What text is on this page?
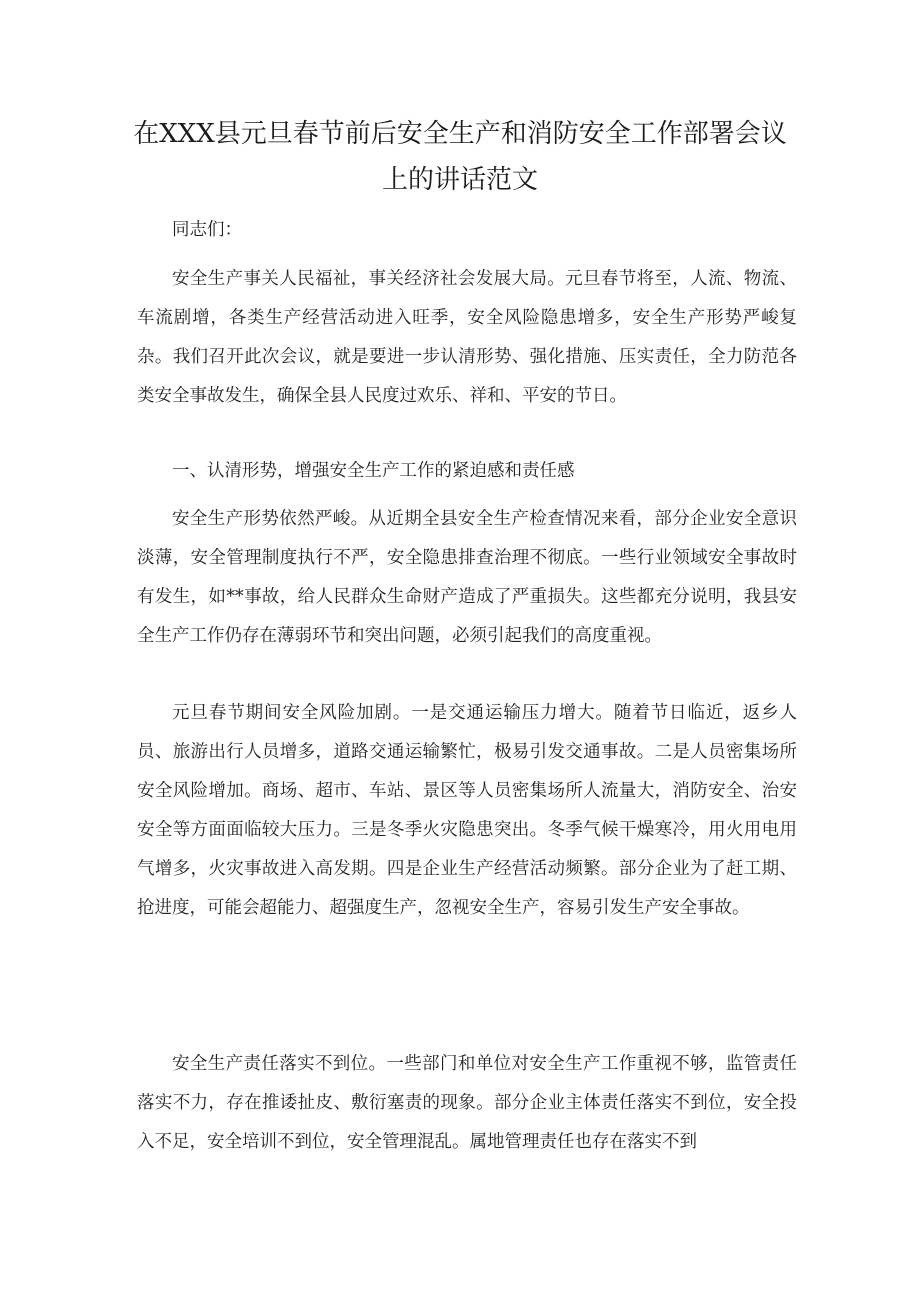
在XXX县元旦春节前后安全生产和消防安全工作部署会议
上的讲话范文

同志们：

安全生产事关人民福祉，事关经济社会发展大局。元旦春节将至，人流、物流、车流剧增，各类生产经营活动进入旺季，安全风险隐患增多，安全生产形势严峻复杂。我们召开此次会议，就是要进一步认清形势、强化措施、压实责任，全力防范各类安全事故发生，确保全县人民度过欢乐、祥和、平安的节日。

一、认清形势，增强安全生产工作的紧迫感和责任感

安全生产形势依然严峻。从近期全县安全生产检查情况来看，部分企业安全意识淡薄，安全管理制度执行不严，安全隐患排查治理不彻底。一些行业领域安全事故时有发生，如**事故，给人民群众生命财产造成了严重损失。这些都充分说明，我县安全生产工作仍存在薄弱环节和突出问题，必须引起我们的高度重视。

元旦春节期间安全风险加剧。一是交通运输压力增大。随着节日临近，返乡人员、旅游出行人员增多，道路交通运输繁忙，极易引发交通事故。二是人员密集场所安全风险增加。商场、超市、车站、景区等人员密集场所人流量大，消防安全、治安安全等方面面临较大压力。三是冬季火灾隐患突出。冬季气候干燥寒冷，用火用电用气增多，火灾事故进入高发期。四是企业生产经营活动频繁。部分企业为了赶工期、抢进度，可能会超能力、超强度生产，忽视安全生产，容易引发生产安全事故。

安全生产责任落实不到位。一些部门和单位对安全生产工作重视不够，监管责任落实不力，存在推诿扯皮、敷衍塞责的现象。部分企业主体责任落实不到位，安全投入不足，安全培训不到位，安全管理混乱。属地管理责任也存在落实不到
